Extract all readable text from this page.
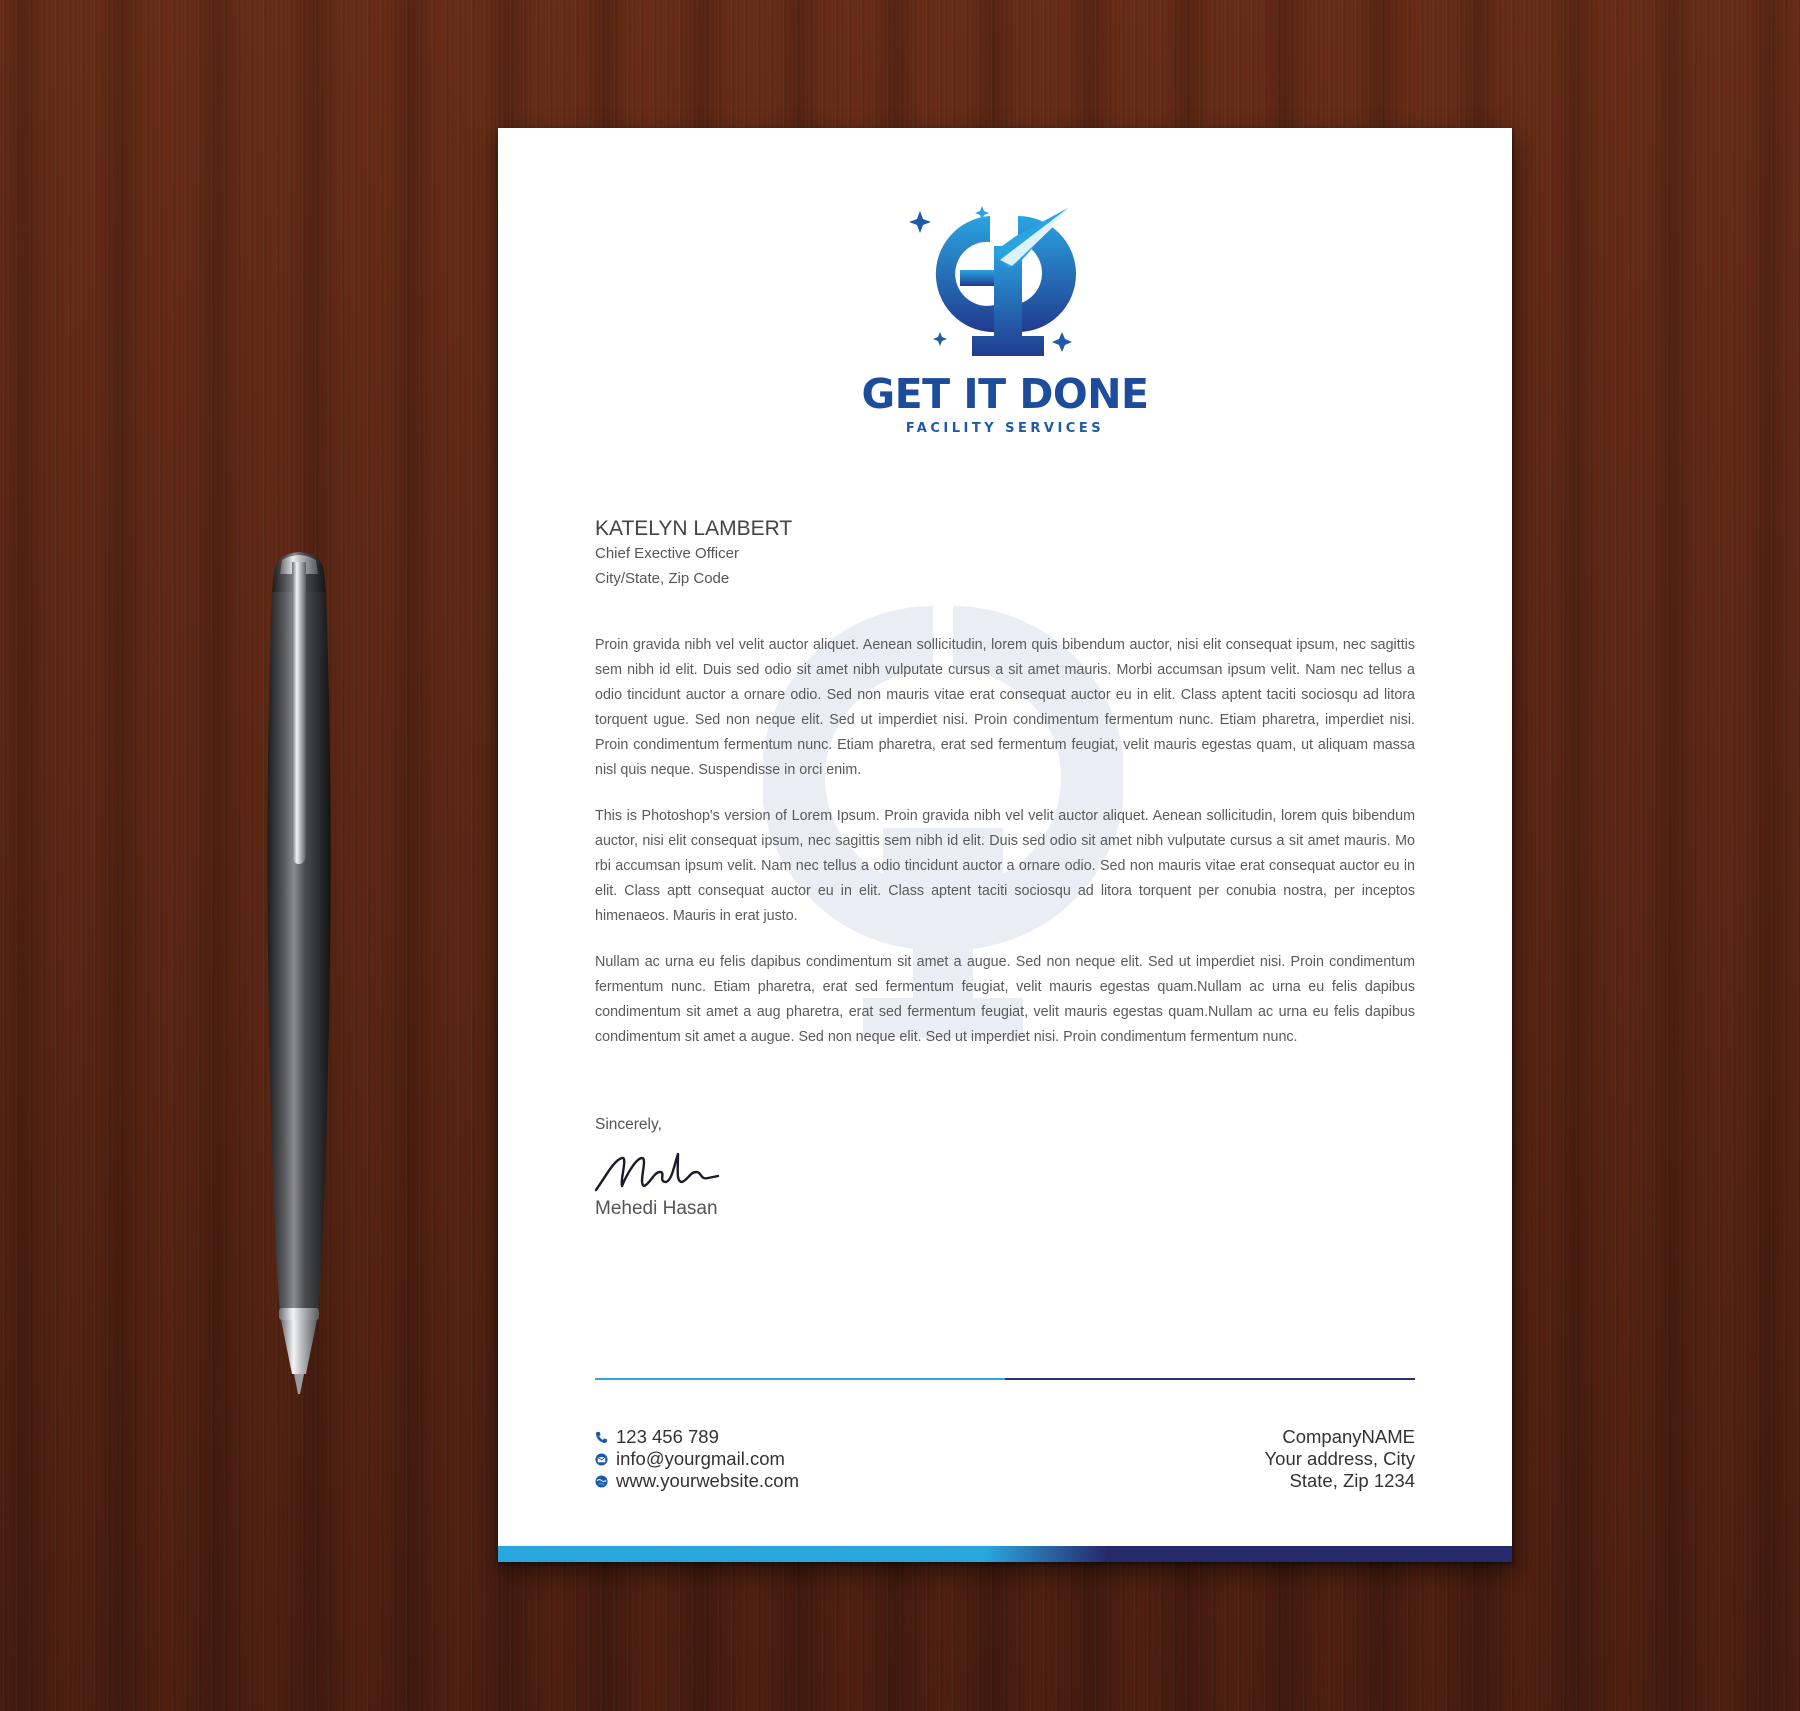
GET IT DONE
FACILITY SERVICES
KATELYN LAMBERT
Chief Exective Officer
City/State, Zip Code

Proin gravida nibh vel velit auctor aliquet. Aenean sollicitudin, lorem quis bibendum auctor, nisi elit consequat ipsum, nec sagittis sem nibh id elit. Duis sed odio sit amet nibh vulputate cursus a sit amet mauris. Morbi accumsan ipsum velit. Nam nec tellus a odio tincidunt auctor a ornare odio. Sed non mauris vitae erat consequat auctor eu in elit. Class aptent taciti sociosqu ad litora torquent ugue. Sed non neque elit. Sed ut imperdiet nisi. Proin condimentum fermentum nunc. Etiam pharetra, imperdiet nisi. Proin condimentum fermentum nunc. Etiam pharetra, erat sed fermentum feugiat, velit mauris egestas quam, ut aliquam massa nisl quis neque. Suspendisse in orci enim.

This is Photoshop's version of Lorem Ipsum. Proin gravida nibh vel velit auctor aliquet. Aenean sollicitudin, lorem quis bibendum auctor, nisi elit consequat ipsum, nec sagittis sem nibh id elit. Duis sed odio sit amet nibh vulputate cursus a sit amet mauris. Mo rbi accumsan ipsum velit. Nam nec tellus a odio tincidunt auctor a ornare odio. Sed non mauris vitae erat consequat auctor eu in elit. Class aptt consequat auctor eu in elit. Class aptent taciti sociosqu ad litora torquent per conubia nostra, per inceptos himenaeos. Mauris in erat justo.

Nullam ac urna eu felis dapibus condimentum sit amet a augue. Sed non neque elit. Sed ut imperdiet nisi. Proin condimentum fermentum nunc. Etiam pharetra, erat sed fermentum feugiat, velit mauris egestas quam.Nullam ac urna eu felis dapibus condimentum sit amet a aug pharetra, erat sed fermentum feugiat, velit mauris egestas quam.Nullam ac urna eu felis dapibus condimentum sit amet a augue. Sed non neque elit. Sed ut imperdiet nisi. Proin condimentum fermentum nunc.

Sincerely,
Mehedi Hasan
123 456 789
info@yourgmail.com
www.yourwebsite.com
CompanyNAME
Your address, City
State, Zip 1234
